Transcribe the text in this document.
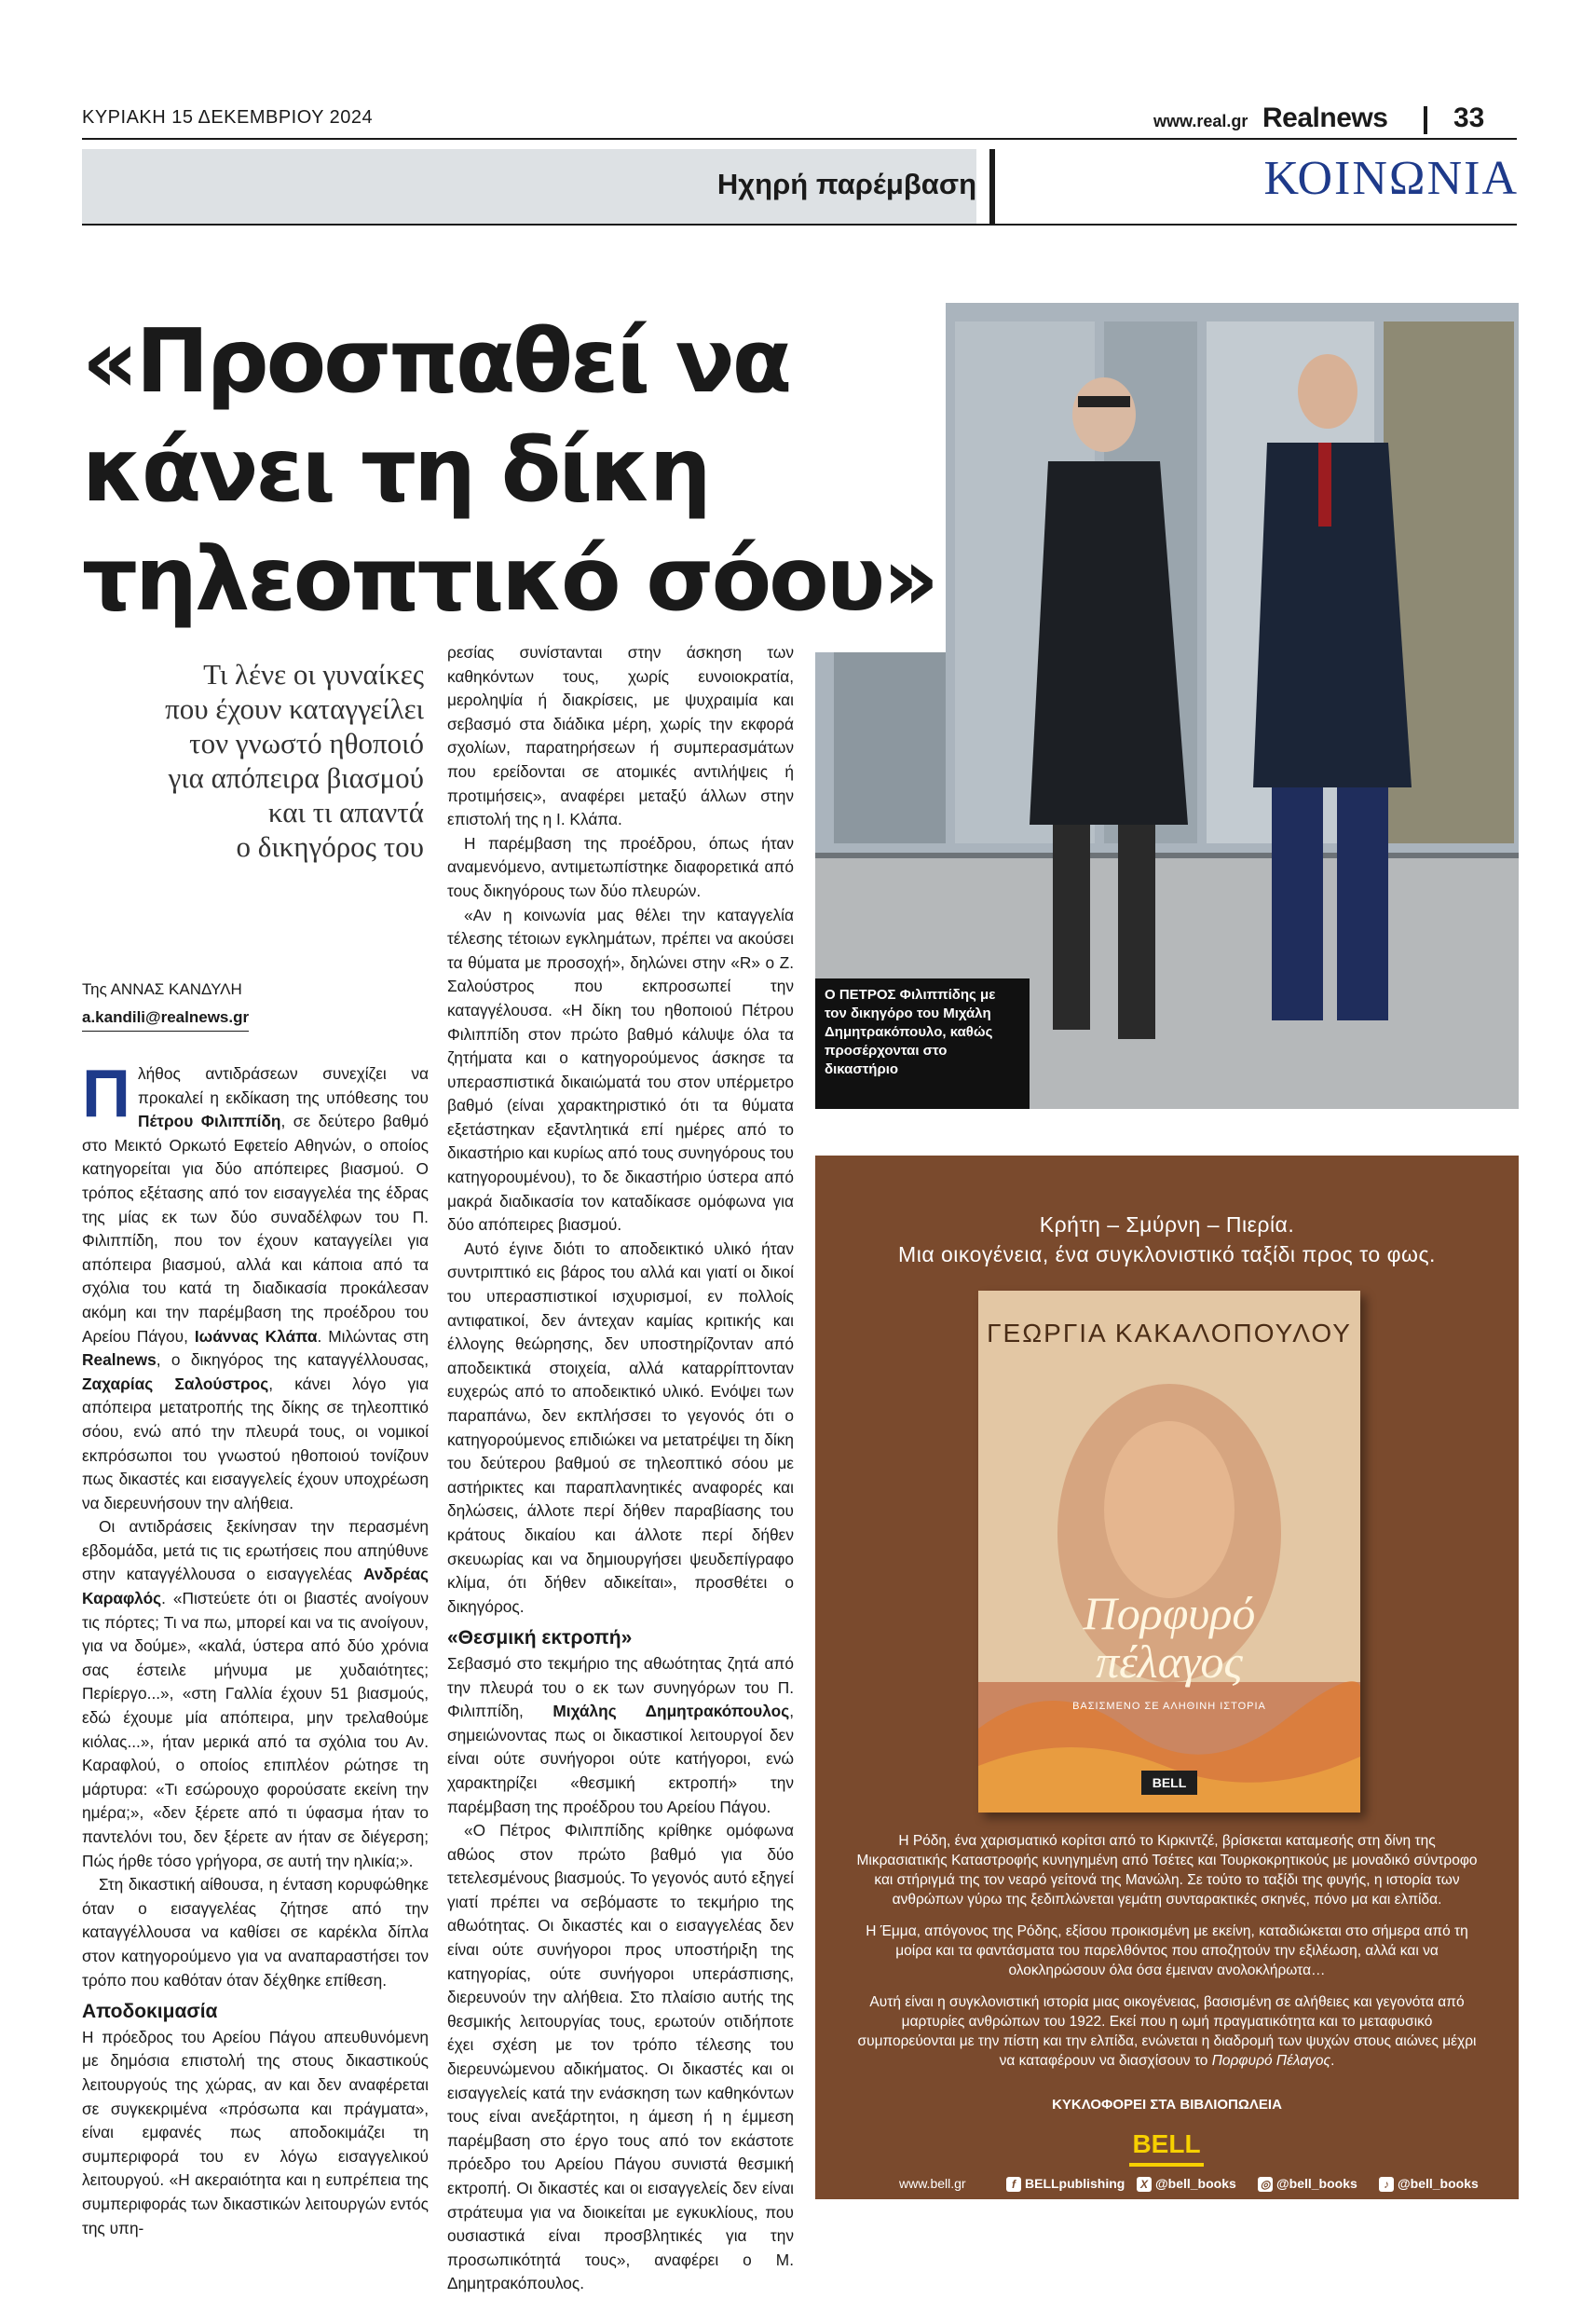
ΚΥΡΙΑΚΗ 15 ΔΕΚΕΜΒΡΙΟΥ 2024	www.real.gr Realnews 33
Ηχηρή παρέμβαση	ΚΟΙΝΩΝΙΑ
Ο ΠΕΤΡΟΣ Φιλιππίδης με τον δικηγόρο του Μιχάλη Δημητρακόπουλο, καθώς προσέρχονται στο δικαστήριο
«Προσπαθεί να
κάνει τη δίκη
τηλεοπτικό σόου»
Τι λένε οι γυναίκες
που έχουν καταγγείλει
τον γνωστό ηθοποιό
για απόπειρα βιασμού
και τι απαντά
ο δικηγόρος του
Της ΑΝΝΑΣ ΚΑΝΔΥΛΗ
a.kandili@realnews.gr

Πλήθος αντιδράσεων συνεχίζει να προκαλεί η εκδίκαση της υπόθεσης του Πέτρου Φιλιππίδη, σε δεύτερο βαθμό στο Μεικτό Ορκωτό Εφετείο Αθηνών, ο οποίος κατηγορείται για δύο απόπειρες βιασμού. Ο τρόπος εξέτασης από τον εισαγγελέα της έδρας της μίας εκ των δύο συναδέλφων του Π. Φιλιππίδη, που τον έχουν καταγγείλει για απόπειρα βιασμού, αλλά και κάποια από τα σχόλια του κατά τη διαδικασία προκάλεσαν ακόμη και την παρέμβαση της προέδρου του Αρείου Πάγου, Ιωάννας Κλάπα. Μιλώντας στη Realnews, ο δικηγόρος της καταγγέλλουσας, Ζαχαρίας Σαλούστρος, κάνει λόγο για απόπειρα μετατροπής της δίκης σε τηλεοπτικό σόου, ενώ από την πλευρά τους, οι νομικοί εκπρόσωποι του γνωστού ηθοποιού τονίζουν πως δικαστές και εισαγγελείς έχουν υποχρέωση να διερευνήσουν την αλήθεια.

Οι αντιδράσεις ξεκίνησαν την περασμένη εβδομάδα, μετά τις τις ερωτήσεις που απηύθυνε στην καταγγέλλουσα ο εισαγγελέας Ανδρέας Καραφλός. «Πιστεύετε ότι οι βιαστές ανοίγουν τις πόρτες; Τι να πω, μπορεί και να τις ανοίγουν, για να δούμε», «καλά, ύστερα από δύο χρόνια σας έστειλε μήνυμα με χυδαιότητες; Περίεργο...», «στη Γαλλία έχουν 51 βιασμούς, εδώ έχουμε μία απόπειρα, μην τρελαθούμε κιόλας...», ήταν μερικά από τα σχόλια του Αν. Καραφλού, ο οποίος επιπλέον ρώτησε τη μάρτυρα: «Τι εσώρουχο φορούσατε εκείνη την ημέρα;», «δεν ξέρετε από τι ύφασμα ήταν το παντελόνι του, δεν ξέρετε αν ήταν σε διέγερση; Πώς ήρθε τόσο γρήγορα, σε αυτή την ηλικία;».

Στη δικαστική αίθουσα, η ένταση κορυφώθηκε όταν ο εισαγγελέας ζήτησε από την καταγγέλλουσα να καθίσει σε καρέκλα δίπλα στον κατηγορούμενο για να αναπαραστήσει τον τρόπο που καθόταν όταν δέχθηκε επίθεση.

Αποδοκιμασία

Η πρόεδρος του Αρείου Πάγου απευθυνόμενη με δημόσια επιστολή της στους δικαστικούς λειτουργούς της χώρας, αν και δεν αναφέρεται σε συγκεκριμένα «πρόσωπα και πράγματα», είναι εμφανές πως αποδοκιμάζει τη συμπεριφορά του εν λόγω εισαγγελικού λειτουργού. «Η ακεραιότητα και η ευπρέπεια της συμπεριφοράς των δικαστικών λειτουργών εντός της υπη-

ρεσίας συνίστανται στην άσκηση των καθηκόντων τους, χωρίς ευνοιοκρατία, μεροληψία ή διακρίσεις, με ψυχραιμία και σεβασμό στα διάδικα μέρη, χωρίς την εκφορά σχολίων, παρατηρήσεων ή συμπερασμάτων που ερείδονται σε ατομικές αντιλήψεις ή προτιμήσεις», αναφέρει μεταξύ άλλων στην επιστολή της η Ι. Κλάπα.

Η παρέμβαση της προέδρου, όπως ήταν αναμενόμενο, αντιμετωπίστηκε διαφορετικά από τους δικηγόρους των δύο πλευρών.

«Αν η κοινωνία μας θέλει την καταγγελία τέλεσης τέτοιων εγκλημάτων, πρέπει να ακούσει τα θύματα με προσοχή», δηλώνει στην «R» ο Ζ. Σαλούστρος που εκπροσωπεί την καταγγέλουσα. «Η δίκη του ηθοποιού Πέτρου Φιλιππίδη στον πρώτο βαθμό κάλυψε όλα τα ζητήματα και ο κατηγορούμενος άσκησε τα υπερασπιστικά δικαιώματά του στον υπέρμετρο βαθμό (είναι χαρακτηριστικό ότι τα θύματα εξετάστηκαν εξαντλητικά επί ημέρες από το δικαστήριο και κυρίως από τους συνηγόρους του κατηγορουμένου), το δε δικαστήριο ύστερα από μακρά διαδικασία τον καταδίκασε ομόφωνα για δύο απόπειρες βιασμού.

Αυτό έγινε διότι το αποδεικτικό υλικό ήταν συντριπτικό εις βάρος του αλλά και γιατί οι δικοί του υπερασπιστικοί ισχυρισμοί, εν πολλοίς αντιφατικοί, δεν άντεχαν καμίας κριτικής και έλλογης θεώρησης, δεν υποστηρίζονταν από αποδεικτικά στοιχεία, αλλά καταρρίπτονταν ευχερώς από το αποδεικτικό υλικό. Ενόψει των παραπάνω, δεν εκπλήσσει το γεγονός ότι ο κατηγορούμενος επιδιώκει να μετατρέψει τη δίκη του δεύτερου βαθμού σε τηλεοπτικό σόου με αστήρικτες και παραπλανητικές αναφορές και δηλώσεις, άλλοτε περί δήθεν παραβίασης του κράτους δικαίου και άλλοτε περί δήθεν σκευωρίας και να δημιουργήσει ψευδεπίγραφο κλίμα, ότι δήθεν αδικείται», προσθέτει ο δικηγόρος.

«Θεσμική εκτροπή»

Σεβασμό στο τεκμήριο της αθωότητας ζητά από την πλευρά του ο εκ των συνηγόρων του Π. Φιλιππίδη, Μιχάλης Δημητρακόπουλος, σημειώνοντας πως οι δικαστικοί λειτουργοί δεν είναι ούτε συνήγοροι ούτε κατήγοροι, ενώ χαρακτηρίζει «θεσμική εκτροπή» την παρέμβαση της προέδρου του Αρείου Πάγου.

«Ο Πέτρος Φιλιππίδης κρίθηκε ομόφωνα αθώος στον πρώτο βαθμό για δύο τετελεσμένους βιασμούς. Το γεγονός αυτό εξηγεί γιατί πρέπει να σεβόμαστε το τεκμήριο της αθωότητας. Οι δικαστές και ο εισαγγελέας δεν είναι ούτε συνήγοροι προς υποστήριξη της κατηγορίας, ούτε συνήγοροι υπεράσπισης, διερευνούν την αλήθεια. Στο πλαίσιο αυτής της θεσμικής λειτουργίας τους, ερωτούν οτιδήποτε έχει σχέση με τον τρόπο τέλεσης του διερευνώμενου αδικήματος. Οι δικαστές και οι εισαγγελείς κατά την ενάσκηση των καθηκόντων τους είναι ανεξάρτητοι, η άμεση ή η έμμεση παρέμβαση στο έργο τους από τον εκάστοτε πρόεδρο του Αρείου Πάγου συνιστά θεσμική εκτροπή. Οι δικαστές και οι εισαγγελείς δεν είναι στράτευμα για να διοικείται με εγκυκλίους, που ουσιαστικά είναι προσβλητικές για την προσωπικότητά τους», αναφέρει ο Μ. Δημητρακόπουλος.

Κρήτη – Σμύρνη – Πιερία.
Μια οικογένεια, ένα συγκλονιστικό ταξίδι προς το φως.
ΓΕΩΡΓΙΑ ΚΑΚΑΛΟΠΟΥΛΟΥ
Πορφυρό
πέλαγος
ΒΑΣΙΣΜΕΝΟ ΣΕ ΑΛΗΘΙΝΗ ΙΣΤΟΡΙΑ
BELL
Η Ρόδη, ένα χαρισματικό κορίτσι από το Κιρκιντζέ, βρίσκεται καταμεσής στη δίνη της Μικρασιατικής Καταστροφής κυνηγημένη από Τσέτες και Τουρκοκρητικούς με μοναδικό σύντροφο και στήριγμά της τον νεαρό γείτονά της Μανώλη. Σε τούτο το ταξίδι της φυγής, η ιστορία των ανθρώπων γύρω της ξεδιπλώνεται γεμάτη συνταρακτικές σκηνές, πόνο μα και ελπίδα.
Η Έμμα, απόγονος της Ρόδης, εξίσου προικισμένη με εκείνη, καταδιώκεται στο σήμερα από τη μοίρα και τα φαντάσματα του παρελθόντος που αποζητούν την εξιλέωση, αλλά και να ολοκληρώσουν όλα όσα έμειναν ανολοκλήρωτα…
Αυτή είναι η συγκλονιστική ιστορία μιας οικογένειας, βασισμένη σε αλήθειες και γεγονότα από μαρτυρίες ανθρώπων του 1922. Εκεί που η ωμή πραγματικότητα και το μεταφυσικό συμπορεύονται με την πίστη και την ελπίδα, ενώνεται η διαδρομή των ψυχών στους αιώνες μέχρι να καταφέρουν να διασχίσουν το Πορφυρό Πέλαγος.
ΚΥΚΛΟΦΟΡΕΙ ΣΤΑ ΒΙΒΛΙΟΠΩΛΕΙΑ
BELL
www.bell.gr	f BELLpublishing	X @bell_books ◎ @bell_books	♪ @bell_books
